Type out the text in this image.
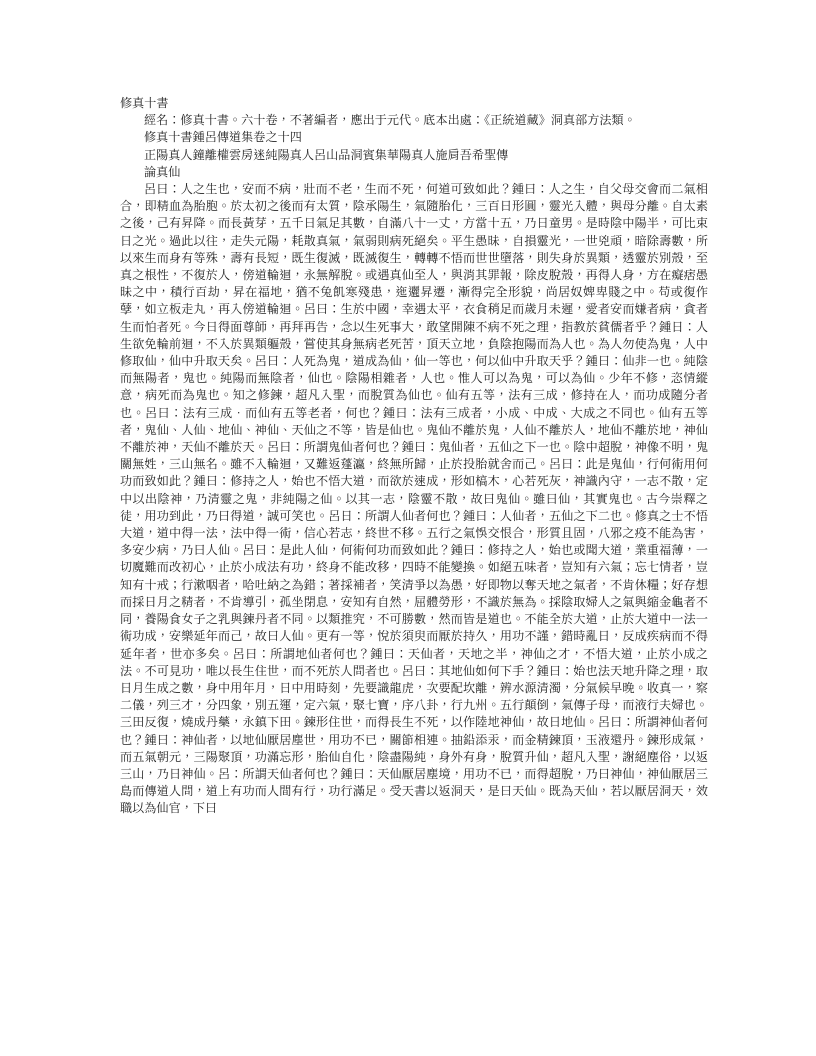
修真十書
經名：修真十書。六十卷，不著編者，應出于元代。底本出處：《正統道藏》洞真部方法類。
修真十書鍾呂傳道集卷之十四
正陽真人鐘離權雲房迷純陽真人呂山品洞賓集華陽真人施肩吾希聖傳
論真仙

呂曰：人之生也，安而不病，壯而不老，生而不死，何道可致如此？鍾曰：人之生，自父母交會而二氣相合，即精血為胎胞。於太初之後而有太質，陰承陽生，氣隨胎化，三百日形圓，靈光入體，與母分離。自太素之後，己有昇降。而長黃芽，五千日氣足其數，自滿八十一丈，方當十五，乃日童男。是時陰中陽半，可比束日之光。過此以往，走失元陽，耗散真氣，氣弱則病死絕矣。平生愚昧，自損靈光，一世兇頑，暗除壽數，所以來生而身有等殊，壽有長短，既生復滅，既滅復生，轉轉不悟而世世墮落，則失身於異類，透靈於別殼，至真之根性，不復於人，傍道輪迴，永無解脫。或遇真仙至人，與消其罪報，除皮脫殼，再得人身，方在癡痞愚昧之中，積行百劫，昇在福地，猶不兔飢寒殘患，迤邐昇遷，漸得完全形貌，尚居奴婢卑賤之中。苟或復作孽，如立板走丸，再入傍道輪迴。呂曰：生於中國，幸遇太平，衣食稍足而歲月未遲，愛者安而嫌者病，貪者生而怕者死。今日得面尊師，再拜再告，念以生死事大，敢望開陳不病不死之理，指教於貧儒者乎？鍾日：人生欲免輪前迴，不入於異類軀殼，嘗使其身無病老死苦，頂天立地，負陰抱陽而為人也。為人勿使為鬼，人中修取仙，仙中升取天矣。呂曰：人死為鬼，道成為仙，仙一等也，何以仙中升取天乎？鍾曰：仙非一也。純陰而無陽者，鬼也。純陽而無陰者，仙也。陰陽相雜者，人也。惟人可以為鬼，可以為仙。少年不修，恣情縱意，病死而為鬼也。知之修鍊，超凡入聖，而脫質為仙也。仙有五等，法有三成，修持在人，而功成隨分者也。呂曰：法有三成．而仙有五等老者，何也？鍾曰：法有三成者，小成、中成、大成之不同也。仙有五等者，鬼仙、人仙、地仙、神仙、天仙之不等，皆是仙也。鬼仙不離於鬼，人仙不離於人，地仙不離於地，神仙不離於神，天仙不離於天。呂曰：所謂鬼仙者何也？鍾曰：鬼仙者，五仙之下一也。陰中超脫，神像不明，鬼關無姓，三山無名。雖不入輪迴，又難返蓬瀛，終無所歸，止於投胎就舍而己。呂曰：此是鬼仙，行何術用何功而致如此？鍾曰：修持之人，始也不悟大道，而欲於速成，形如槁木，心若死灰，神識內守，一志不散，定中以出陰神，乃清靈之鬼，非純陽之仙。以其一志，陰靈不散，故曰鬼仙。雖曰仙，其實鬼也。古今崇釋之徒，用功到此，乃曰得道，誠可笑也。呂日：所謂人仙者何也？鍾曰：人仙者，五仙之下二也。修真之士不悟大道，道中得一法，法中得一術，信心若志，終世不移。五行之氣悞交恨合，形質且固，八邪之疫不能為害，多安少病，乃曰人仙。呂曰：是此人仙，何術何功而致如此？鍾曰：修持之人，始也或聞大道，業重福薄，一切魔難而改初心，止於小成法有功，終身不能改移，四時不能變換。如絕五味者，豈知有六氣；忘七情者，豈知有十戒；行漱咽者，哈吐納之為錯；著採補者，笑清爭以為愚，好即物以奪天地之氣者，不肯休糧；好存想而採日月之精者，不肯導引，孤坐閉息，安知有自然，屈體勞形，不識於無為。採陰取婦人之氣與縮金龜者不同，養陽食女子之乳與鍊丹者不同。以類推究，不可勝數，然而皆是道也。不能全於大道，止於大道中一法一術功成，安樂延年而己，故曰人仙。更有一等，悅於須臾而厭於持久，用功不謹，錯時亂日，反成疾病而不得延年者，世亦多矣。呂曰：所謂地仙者何也？鍾曰：天仙者，天地之半，神仙之才，不悟大道，止於小成之法。不可見功，唯以長生住世，而不死於人問者也。呂曰：其地仙如何下手？鍾曰：始也法天地升降之理，取日月生成之數，身中用年月，日中用時刻，先要識龍虎，次要配坎離，辨水源清濁，分氣候早晚。收真一，察二儀，列三才，分四象，別五運，定六氣，聚七寶，序八卦，行九州。五行顛倒，氣傳子母，而液行夫婦也。三田反復，燒成丹藥，永鎮下田。鍊形住世，而得長生不死，以作陸地神仙，故日地仙。呂曰：所謂神仙者何也？鍾曰：神仙者，以地仙厭居塵世，用功不已，關節相連。抽鉛添汞，而金精鍊頂，玉液還丹。鍊形成氣，而五氣朝元，三陽聚頂，功滿忘形，胎仙自化，陰盡陽純，身外有身，脫質升仙，超凡入聖，謝絕塵俗，以返三山，乃日神仙。呂：所謂天仙者何也？鍾曰：天仙厭居塵境，用功不已，而得超脫，乃曰神仙，神仙厭居三島而傳道人問，道上有功而人間有行，功行滿足。受天書以返洞天，是曰天仙。既為天仙，若以厭居洞天，效職以為仙官，下曰
